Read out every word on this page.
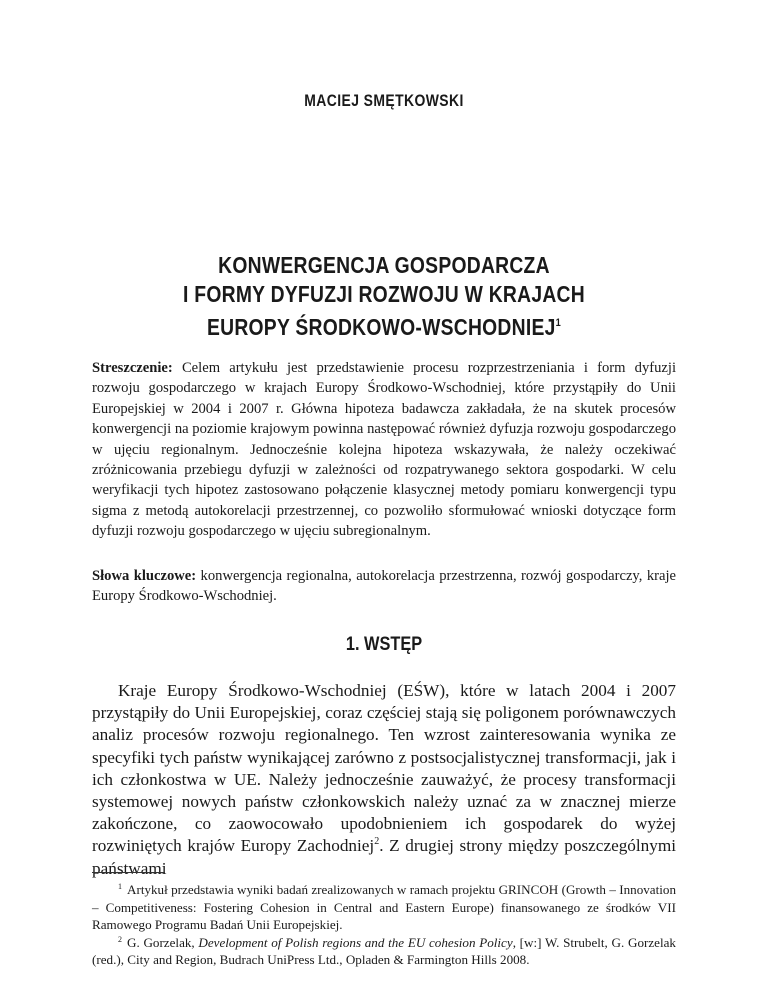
MACIEJ SMĘTKOWSKI
KONWERGENCJA GOSPODARCZA
I FORMY DYFUZJI ROZWOJU W KRAJACH
EUROPY ŚRODKOWO-WSCHODNIEJ$^1$

Streszczenie: Celem artykułu jest przedstawienie procesu rozprzestrzeniania i form dyfuzji rozwoju gospodarczego w krajach Europy Środkowo-Wschodniej, które przystąpiły do Unii Europejskiej w 2004 i 2007 r. Główna hipoteza badawcza zakładała, że na skutek procesów konwergencji na poziomie krajowym powinna następować również dyfuzja rozwoju gospodarczego w ujęciu regionalnym. Jednocześnie kolejna hipoteza wskazywała, że należy oczekiwać zróżnicowania przebiegu dyfuzji w zależności od rozpatrywanego sektora gospodarki. W celu weryfikacji tych hipotez zastosowano połączenie klasycznej metody pomiaru konwergencji typu sigma z metodą autokorelacji przestrzennej, co pozwoliło sformułować wnioski dotyczące form dyfuzji rozwoju gospodarczego w ujęciu subregionalnym.

Słowa kluczowe: konwergencja regionalna, autokorelacja przestrzenna, rozwój gospodarczy, kraje Europy Środkowo-Wschodniej.

1. WSTĘP

Kraje Europy Środkowo-Wschodniej (EŚW), które w latach 2004 i 2007 przystąpiły do Unii Europejskiej, coraz częściej stają się poligonem porównawczych analiz procesów rozwoju regionalnego. Ten wzrost zainteresowania wynika ze specyfiki tych państw wynikającej zarówno z postsocjalistycznej transformacji, jak i ich członkostwa w UE. Należy jednocześnie zauważyć, że procesy transformacji systemowej nowych państw członkowskich należy uznać za w znacznej mierze zakończone, co zaowocowało upodobnieniem ich gospodarek do wyżej rozwiniętych krajów Europy Zachodniej$^2$. Z drugiej strony między poszczególnymi państwami

$^1$ Artykuł przedstawia wyniki badań zrealizowanych w ramach projektu GRINCOH (Growth – Innovation – Competitiveness: Fostering Cohesion in Central and Eastern Europe) finansowanego ze środków VII Ramowego Programu Badań Unii Europejskiej.

$^2$ G. Gorzelak, Development of Polish regions and the EU cohesion Policy, [w:] W. Strubelt, G. Gorzelak (red.), City and Region, Budrach UniPress Ltd., Opladen & Farmington Hills 2008.
